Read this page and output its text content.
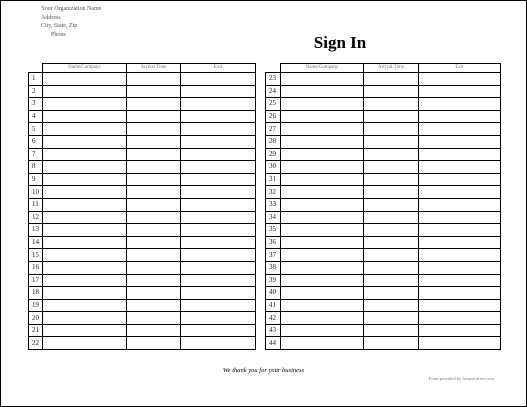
Your Organization Name
Address
City, State, Zip
Phone	Sign In
	Name/Company	Arrival Time	Exit
1			
2			
3			
4			
5			
6			
7			
8			
9			
10			
11			
12			
13			
14			
15			
16			
17			
18			
19			
20			
21			
22			
	Name/Company	Arrival Time	Exit
23			
24			
25			
26			
27			
28			
29			
30			
31			
32			
33			
34			
35			
36			
37			
38			
39			
40			
41			
42			
43			
44			
We thank you for your business
Form provided by formsforfree.com
